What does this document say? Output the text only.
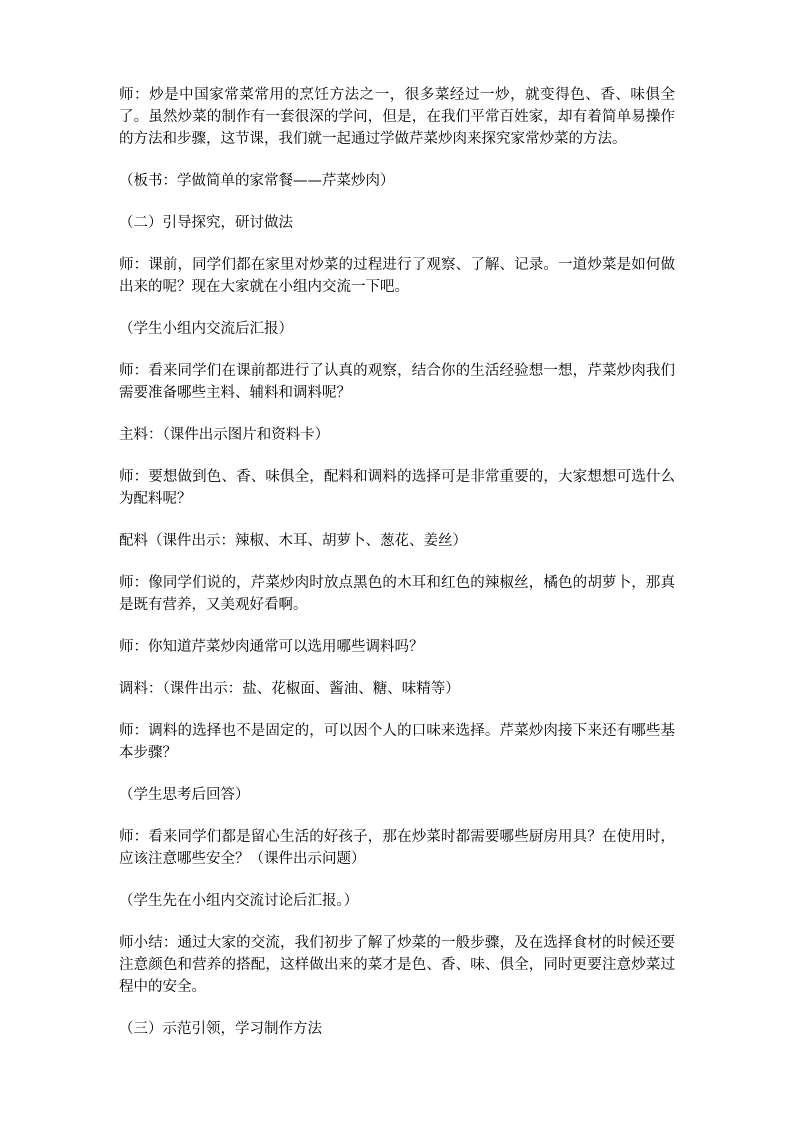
师：炒是中国家常菜常用的烹饪方法之一，很多菜经过一炒，就变得色、香、味俱全了。虽然炒菜的制作有一套很深的学问，但是，在我们平常百姓家，却有着简单易操作的方法和步骤，这节课，我们就一起通过学做芹菜炒肉来探究家常炒菜的方法。

（板书：学做简单的家常餐——芹菜炒肉）

（二）引导探究，研讨做法

师：课前，同学们都在家里对炒菜的过程进行了观察、了解、记录。一道炒菜是如何做出来的呢？现在大家就在小组内交流一下吧。

（学生小组内交流后汇报）

师：看来同学们在课前都进行了认真的观察，结合你的生活经验想一想，芹菜炒肉我们需要准备哪些主料、辅料和调料呢？

主料：（课件出示图片和资料卡）

师：要想做到色、香、味俱全，配料和调料的选择可是非常重要的，大家想想可选什么为配料呢？

配料（课件出示：辣椒、木耳、胡萝卜、葱花、姜丝）

师：像同学们说的，芹菜炒肉时放点黑色的木耳和红色的辣椒丝，橘色的胡萝卜，那真是既有营养，又美观好看啊。

师：你知道芹菜炒肉通常可以选用哪些调料吗？

调料：（课件出示：盐、花椒面、酱油、糖、味精等）

师：调料的选择也不是固定的，可以因个人的口味来选择。芹菜炒肉接下来还有哪些基本步骤？

（学生思考后回答）

师：看来同学们都是留心生活的好孩子，那在炒菜时都需要哪些厨房用具？在使用时，应该注意哪些安全？（课件出示问题）

（学生先在小组内交流讨论后汇报。）

师小结：通过大家的交流，我们初步了解了炒菜的一般步骤，及在选择食材的时候还要注意颜色和营养的搭配，这样做出来的菜才是色、香、味、俱全，同时更要注意炒菜过程中的安全。

（三）示范引领，学习制作方法
